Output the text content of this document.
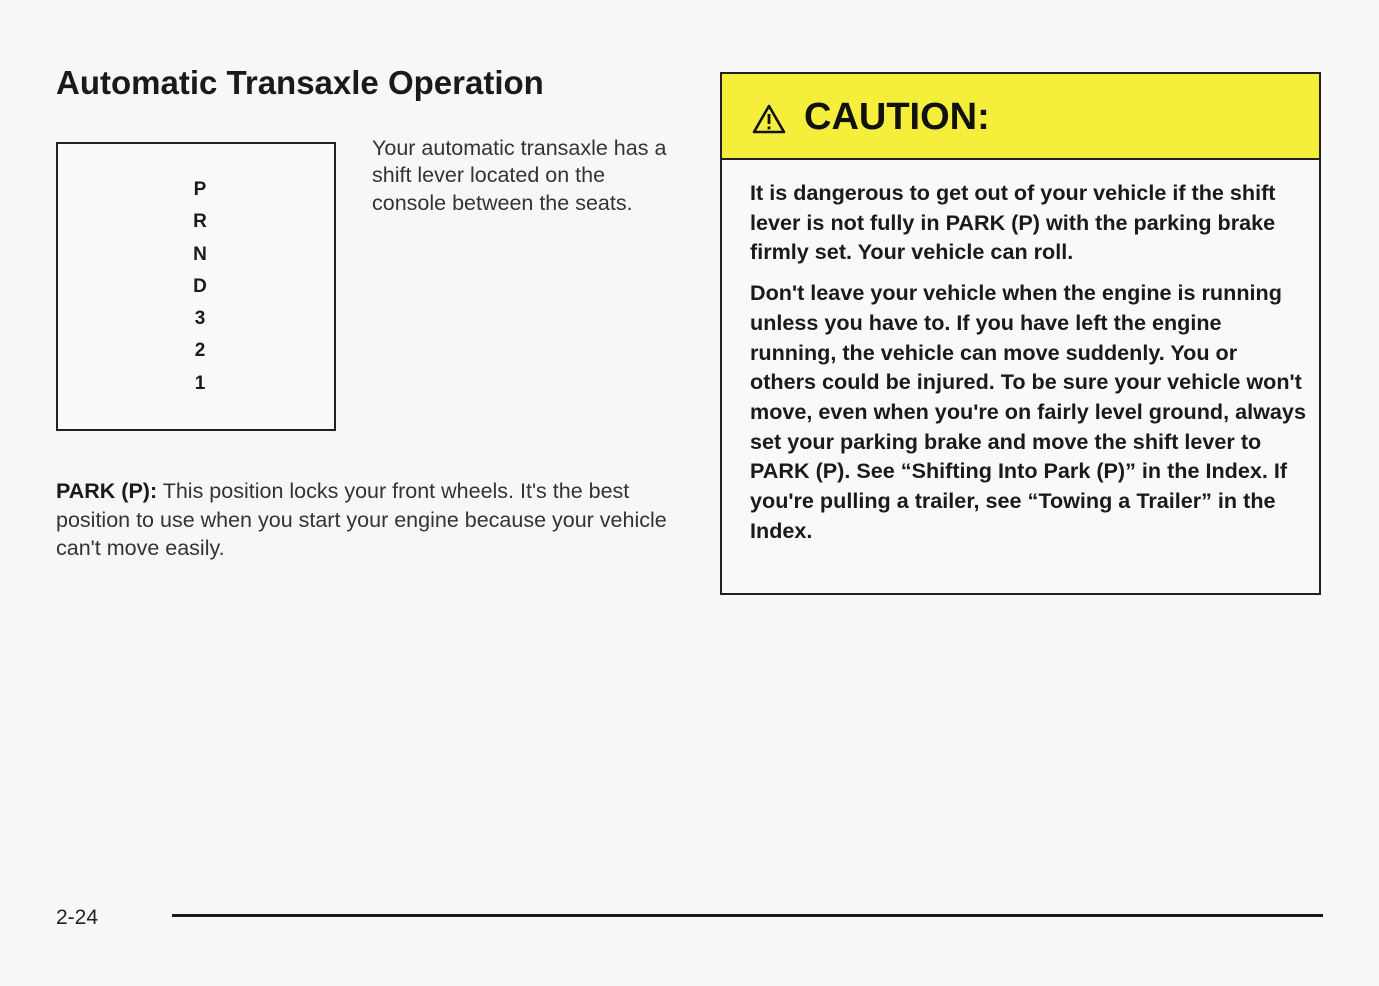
Automatic Transaxle Operation
P
R
N
D
3
2
1

Your automatic transaxle has a shift lever located on the console between the seats.

PARK (P): This position locks your front wheels. It's the best position to use when you start your engine because your vehicle can't move easily.

CAUTION:

It is dangerous to get out of your vehicle if the shift lever is not fully in PARK (P) with the parking brake firmly set. Your vehicle can roll.

Don't leave your vehicle when the engine is running unless you have to. If you have left the engine running, the vehicle can move suddenly. You or others could be injured. To be sure your vehicle won't move, even when you're on fairly level ground, always set your parking brake and move the shift lever to PARK (P). See “Shifting Into Park (P)” in the Index. If you're pulling a trailer, see “Towing a Trailer” in the Index.

2-24
